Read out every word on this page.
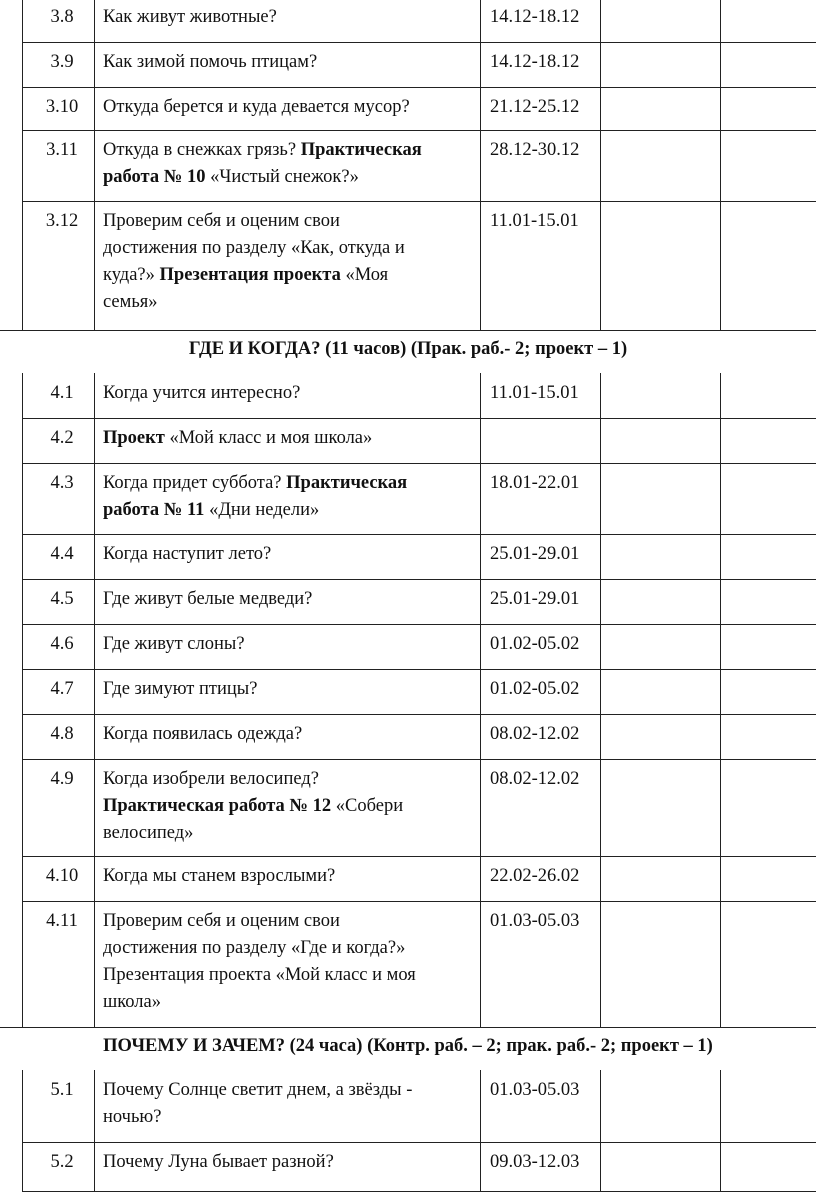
3.8	Как живут животные?	14.12-18.12
3.9	Как зимой помочь птицам?	14.12-18.12
3.10	Откуда берется и куда девается мусор?	21.12-25.12
3.11	Откуда в снежках грязь? Практическая
работа № 10 «Чистый снежок?»
28.12-30.12
3.12	Проверим себя и оценим свои
достижения по разделу «Как, откуда и
куда?» Презентация проекта «Моя
семья»
11.01-15.01
ГДЕ И КОГДА? (11 часов) (Прак. раб.- 2; проект – 1)
4.1	Когда учится интересно?	11.01-15.01
4.2	Проект «Мой класс и моя школа»
4.3	Когда придет суббота? Практическая
работа № 11 «Дни недели»
18.01-22.01
4.4	Когда наступит лето?	25.01-29.01
4.5	Где живут белые медведи?	25.01-29.01
4.6	Где живут слоны?	01.02-05.02
4.7	Где зимуют птицы?	01.02-05.02
4.8	Когда появилась одежда?	08.02-12.02
4.9	Когда изобрели велосипед?
Практическая работа № 12 «Собери
велосипед»
08.02-12.02
4.10	Когда мы станем взрослыми?	22.02-26.02
4.11	Проверим себя и оценим свои
достижения по разделу «Где и когда?»
Презентация проекта «Мой класс и моя
школа»
01.03-05.03
ПОЧЕМУ И ЗАЧЕМ? (24 часа) (Контр. раб. – 2; прак. раб.- 2; проект – 1)
5.1	Почему Солнце светит днем, а звёзды -
ночью?
01.03-05.03
5.2	Почему Луна бывает разной?	09.03-12.03
